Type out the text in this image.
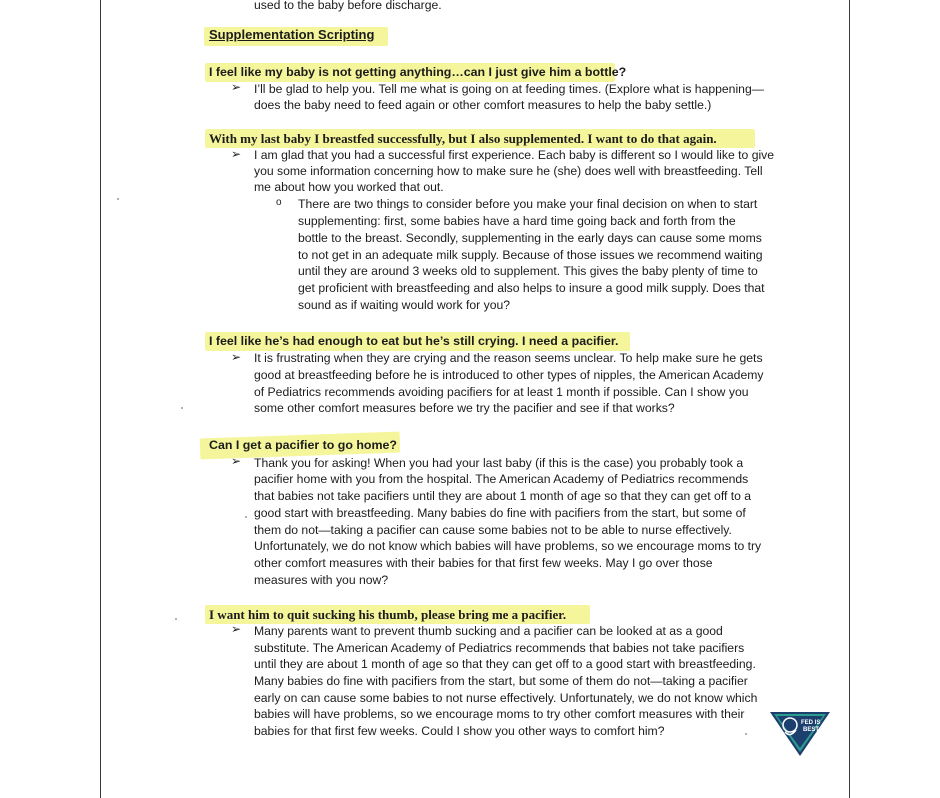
used to the baby before discharge.
Supplementation Scripting
I feel like my baby is not getting anything…can I just give him a bottle?
➢ I’ll be glad to help you. Tell me what is going on at feeding times. (Explore what is happening—
does the baby need to feed again or other comfort measures to help the baby settle.)
With my last baby I breastfed successfully, but I also supplemented. I want to do that again.
➢ I am glad that you had a successful first experience. Each baby is different so I would like to give
you some information concerning how to make sure he (she) does well with breastfeeding. Tell
me about how you worked that out.
o There are two things to consider before you make your final decision on when to start
supplementing: first, some babies have a hard time going back and forth from the
bottle to the breast. Secondly, supplementing in the early days can cause some moms
to not get in an adequate milk supply. Because of those issues we recommend waiting
until they are around 3 weeks old to supplement. This gives the baby plenty of time to
get proficient with breastfeeding and also helps to insure a good milk supply. Does that
sound as if waiting would work for you?
I feel like he’s had enough to eat but he’s still crying. I need a pacifier.
➢ It is frustrating when they are crying and the reason seems unclear. To help make sure he gets
good at breastfeeding before he is introduced to other types of nipples, the American Academy
of Pediatrics recommends avoiding pacifiers for at least 1 month if possible. Can I show you
some other comfort measures before we try the pacifier and see if that works?
Can I get a pacifier to go home?
➢ Thank you for asking! When you had your last baby (if this is the case) you probably took a
pacifier home with you from the hospital. The American Academy of Pediatrics recommends
that babies not take pacifiers until they are about 1 month of age so that they can get off to a
good start with breastfeeding. Many babies do fine with pacifiers from the start, but some of
them do not—taking a pacifier can cause some babies not to be able to nurse effectively.
Unfortunately, we do not know which babies will have problems, so we encourage moms to try
other comfort measures with their babies for that first few weeks. May I go over those
measures with you now?
I want him to quit sucking his thumb, please bring me a pacifier.
➢ Many parents want to prevent thumb sucking and a pacifier can be looked at as a good
substitute. The American Academy of Pediatrics recommends that babies not take pacifiers
until they are about 1 month of age so that they can get off to a good start with breastfeeding.
Many babies do fine with pacifiers from the start, but some of them do not—taking a pacifier
early on can cause some babies to not nurse effectively. Unfortunately, we do not know which
babies will have problems, so we encourage moms to try other comfort measures with their
babies for that first few weeks. Could I show you other ways to comfort him?
FED IS
BEST
